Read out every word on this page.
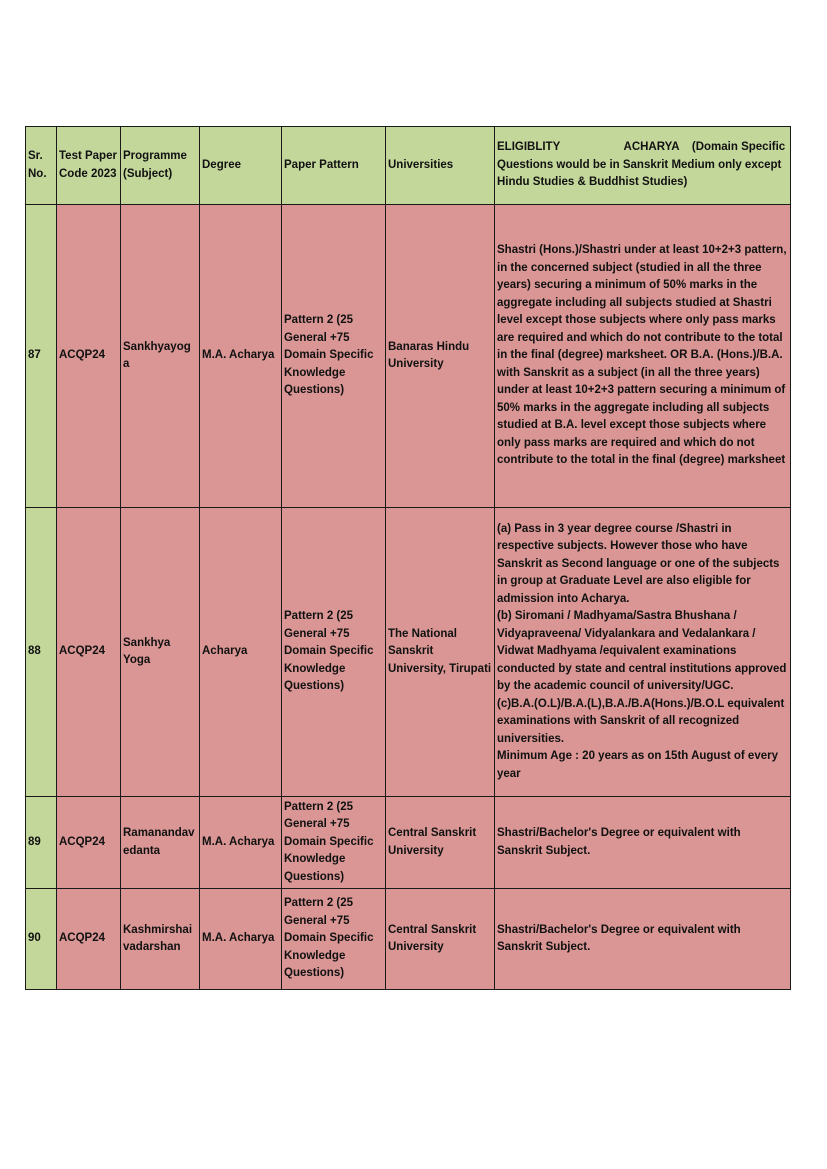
Sr. No.	Test Paper Code 2023	Programme (Subject)	Degree	Paper Pattern	Universities	ELIGIBLITY                    ACHARYA    (Domain Specific Questions would be in Sanskrit Medium only except Hindu Studies & Buddhist Studies)
87	ACQP24	Sankhyayoga	M.A. Acharya	Pattern 2 (25 General +75 Domain Specific Knowledge Questions)	Banaras Hindu University	Shastri (Hons.)/Shastri under at least 10+2+3 pattern, in the concerned subject (studied in all the three years) securing a minimum of 50% marks in the aggregate including all subjects studied at Shastri level except those subjects where only pass marks are required and which do not contribute to the total in the final (degree) marksheet. OR B.A. (Hons.)/B.A. with Sanskrit as a subject (in all the three years) under at least 10+2+3 pattern securing a minimum of 50% marks in the aggregate including all subjects studied at B.A. level except those subjects where only pass marks are required and which do not contribute to the total in the final (degree) marksheet
88	ACQP24	Sankhya Yoga	Acharya	Pattern 2 (25 General +75 Domain Specific Knowledge Questions)	The National Sanskrit University, Tirupati	(a) Pass in 3 year degree course /Shastri in respective subjects. However those who have Sanskrit as Second language or one of the subjects in group at Graduate Level are also eligible for admission into Acharya.
(b) Siromani / Madhyama/Sastra Bhushana / Vidyapraveena/ Vidyalankara and Vedalankara / Vidwat Madhyama /equivalent examinations conducted by state and central institutions approved by the academic council of university/UGC.
(c)B.A.(O.L)/B.A.(L),B.A./B.A(Hons.)/B.O.L equivalent examinations with Sanskrit of all recognized universities.
Minimum Age : 20 years as on 15th August of every year
89	ACQP24	Ramanandavedanta	M.A. Acharya	Pattern 2 (25 General +75 Domain Specific Knowledge Questions)	Central Sanskrit University	Shastri/Bachelor's Degree or equivalent with Sanskrit Subject.
90	ACQP24	Kashmirshaivadarshan	M.A. Acharya	Pattern 2 (25 General +75 Domain Specific Knowledge Questions)	Central Sanskrit University	Shastri/Bachelor's Degree or equivalent with Sanskrit Subject.
